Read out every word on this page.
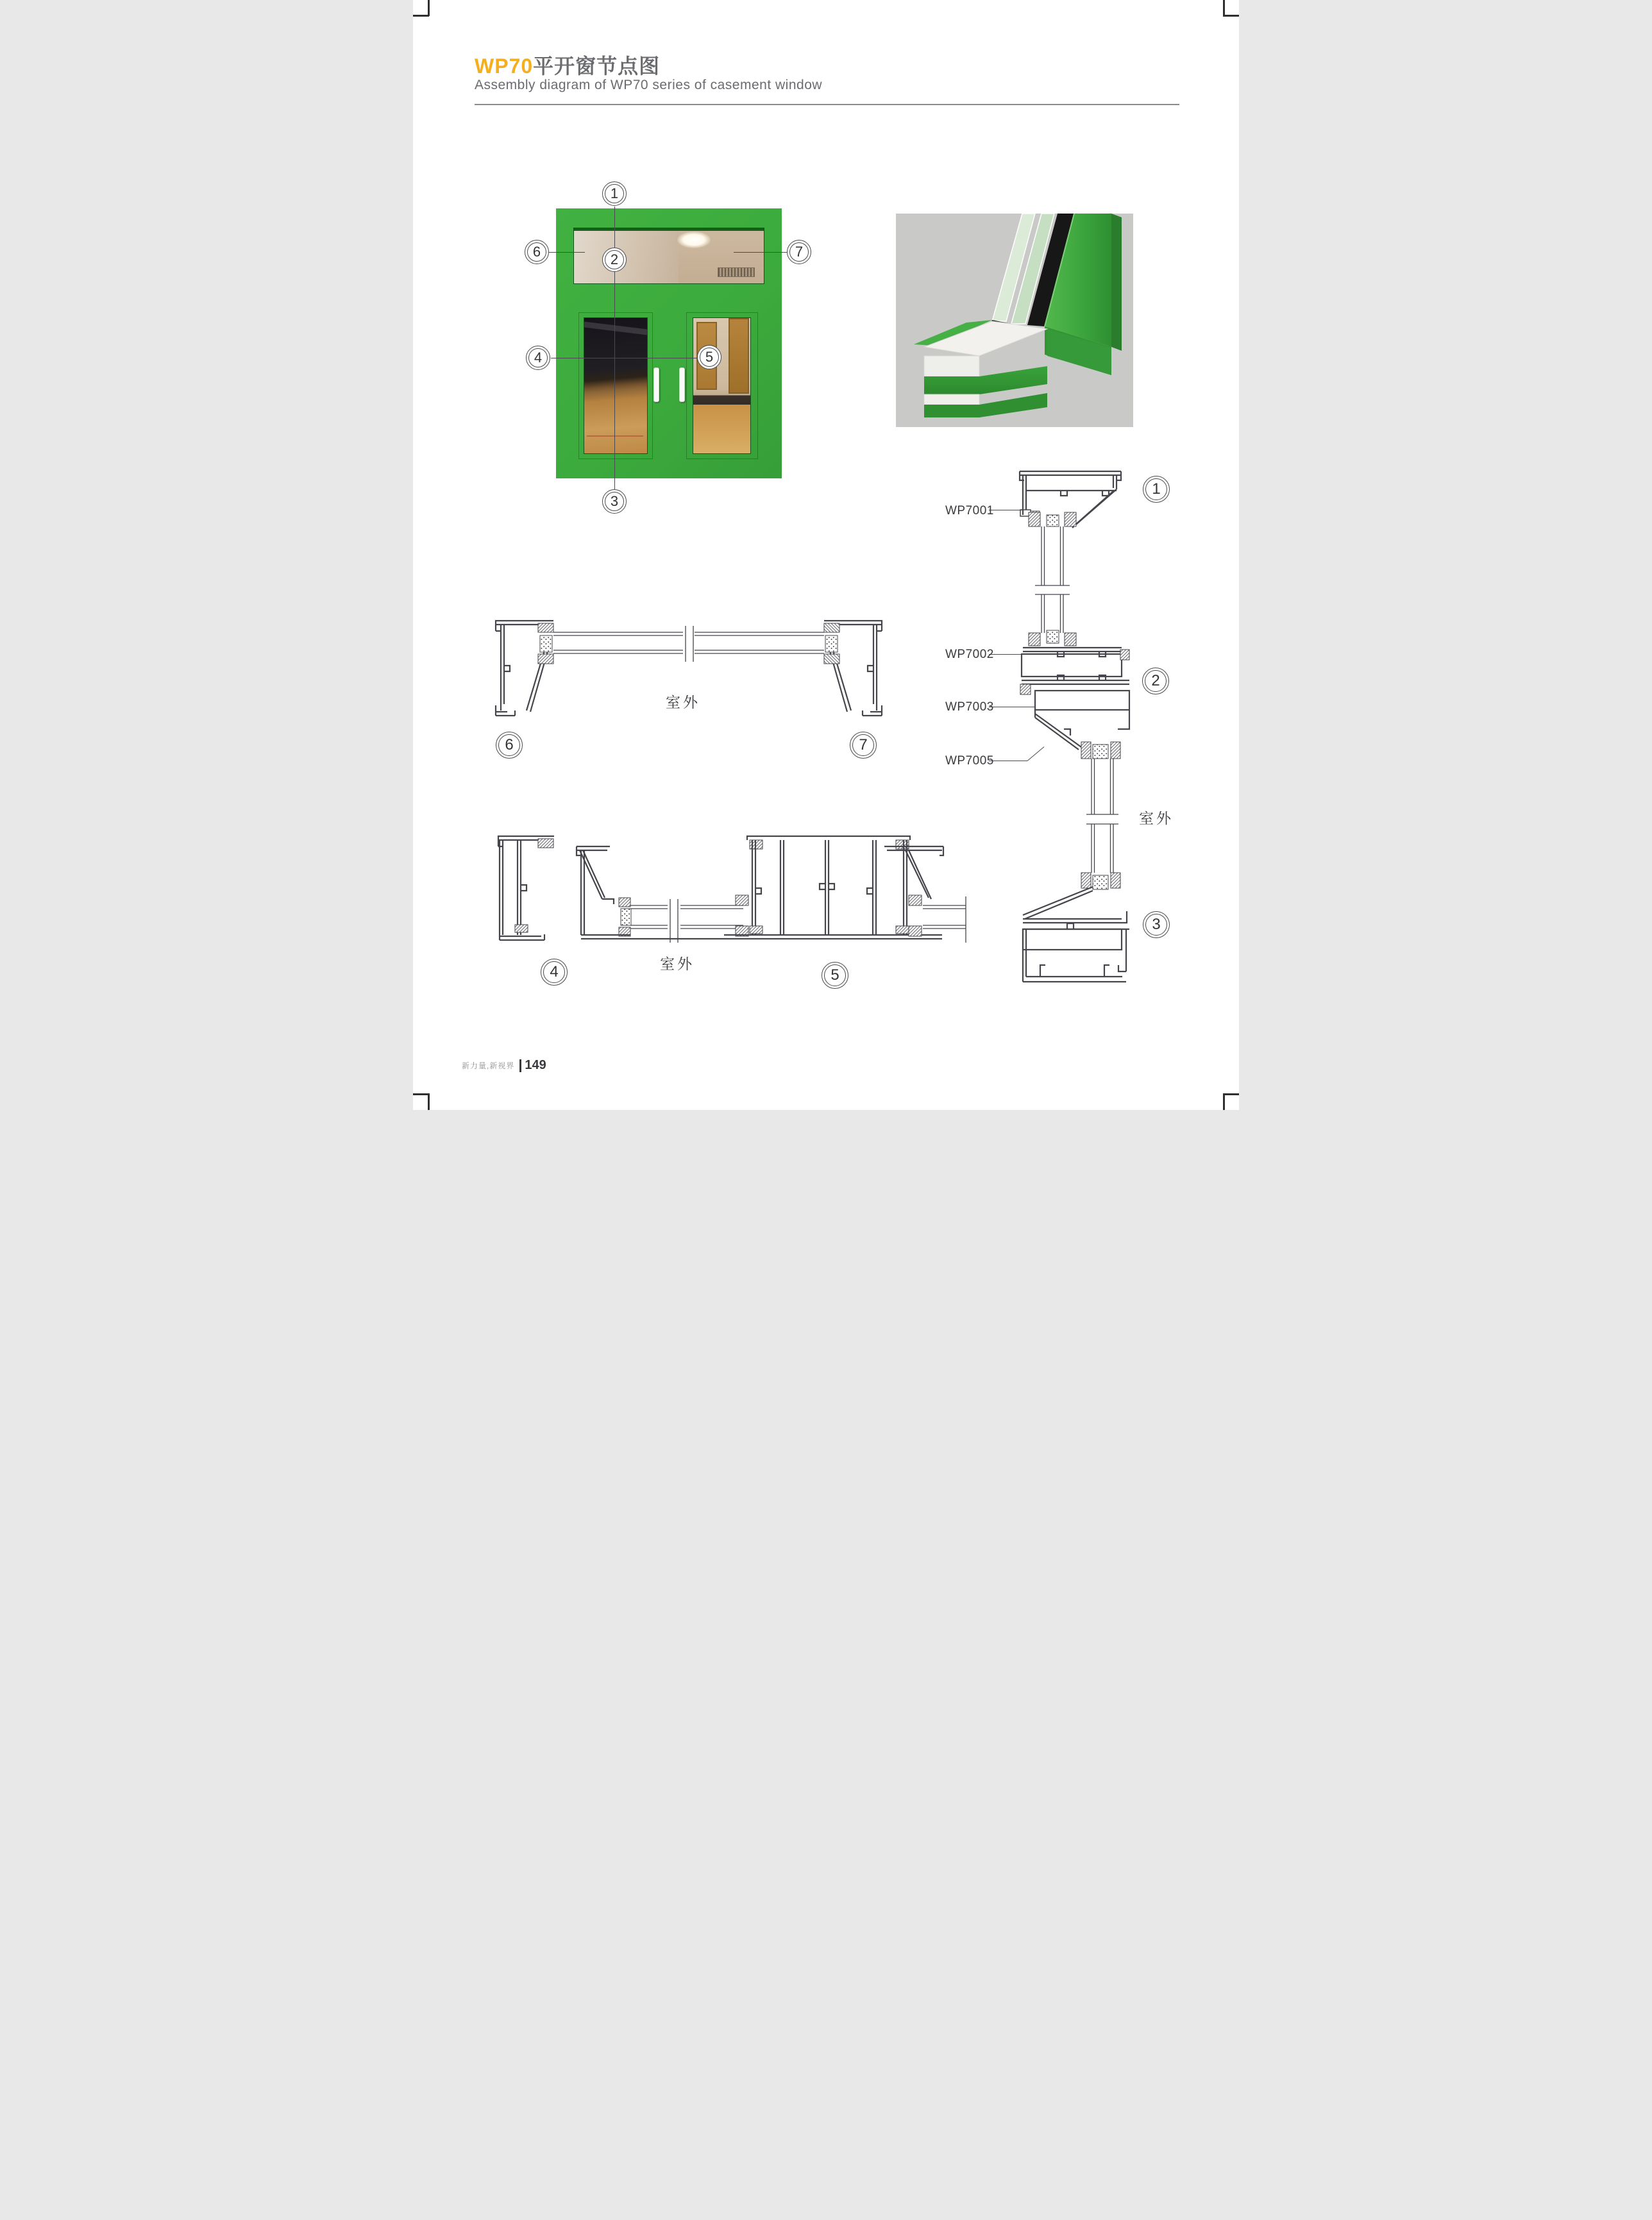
WP70平开窗节点图
Assembly diagram of WP70 series of casement window
1
2
3
6	7
4	5
室外
6	7
室外
4	5
WP7001
WP7002
WP7003
WP7005
室外
1
2
3
新力量,新视界 149
